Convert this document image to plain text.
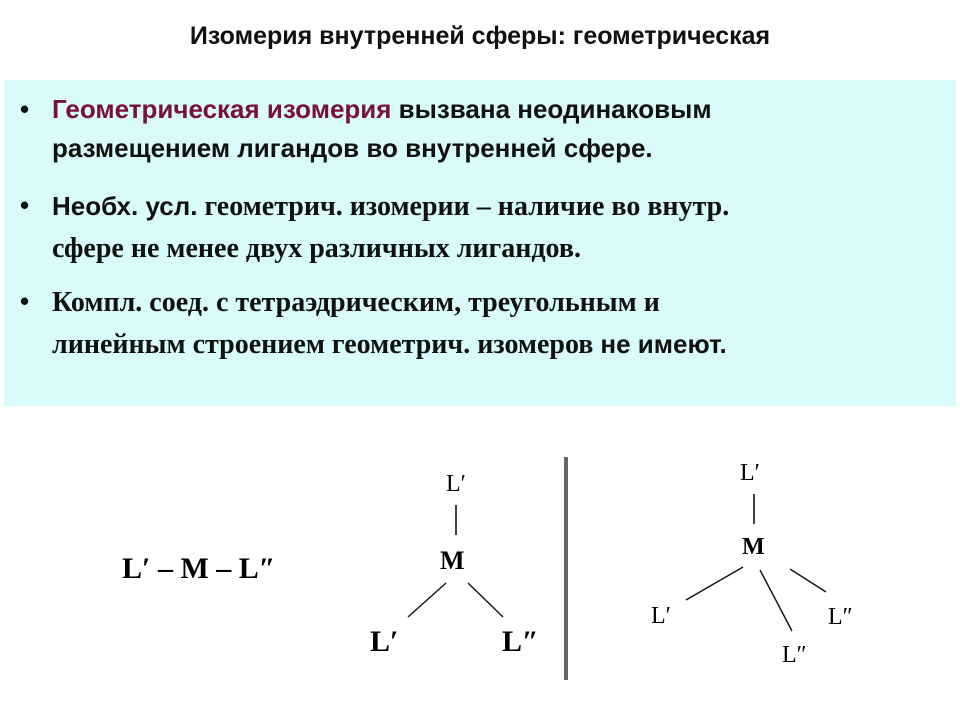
Изомерия внутренней сферы: геометрическая
• Геометрическая изомерия вызвана неодинаковым
размещением лигандов во внутренней сфере.
• Необх. усл. геометрич. изомерии – наличие во внутр.
сфере не менее двух различных лигандов.
• Компл. соед. с тетраэдрическим, треугольным и
линейным строением геометрич. изомеров не имеют.
L′ – M – L″
L′
M
L′	L″
L′
M
L′	L″
L″
